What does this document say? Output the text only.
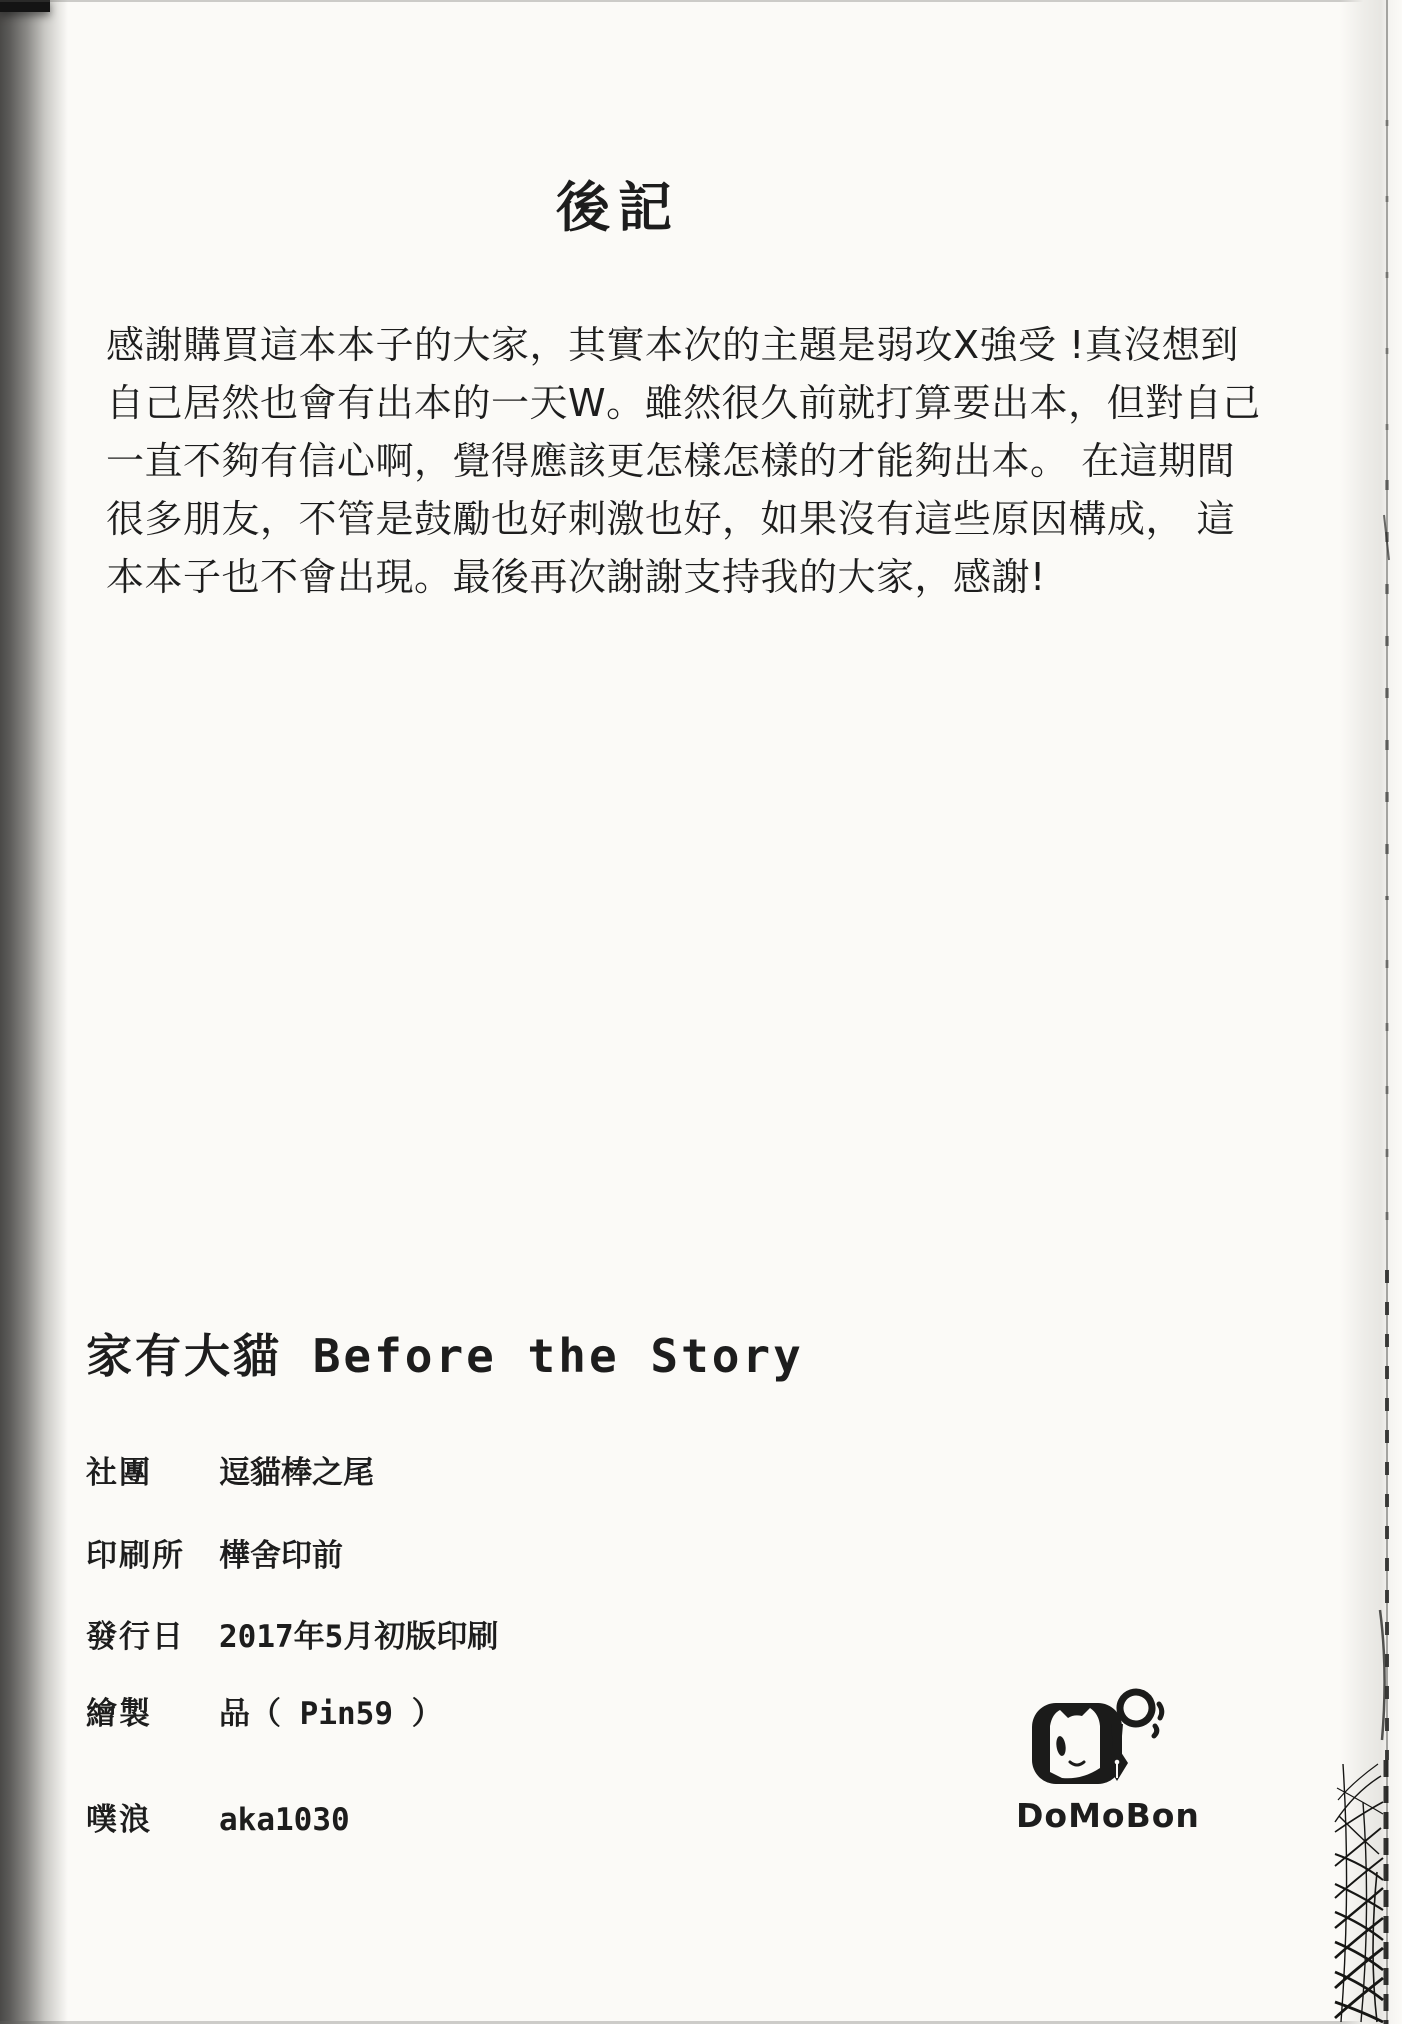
後記
感謝購買這本本子的大家，其實本次的主題是弱攻X強受 !真沒想到
自己居然也會有出本的一天W。雖然很久前就打算要出本，但對自己
一直不夠有信心啊，覺得應該更怎樣怎樣的才能夠出本。 在這期間
很多朋友，不管是鼓勵也好刺激也好，如果沒有這些原因構成， 這
本本子也不會出現。最後再次謝謝支持我的大家，感謝!
家有大貓 Before the Story
社團 逗貓棒之尾
印刷所 樺舍印前
發行日 2017年5月初版印刷
繪製 品（ Pin59 ）
噗浪 aka1030	DoMoBon
